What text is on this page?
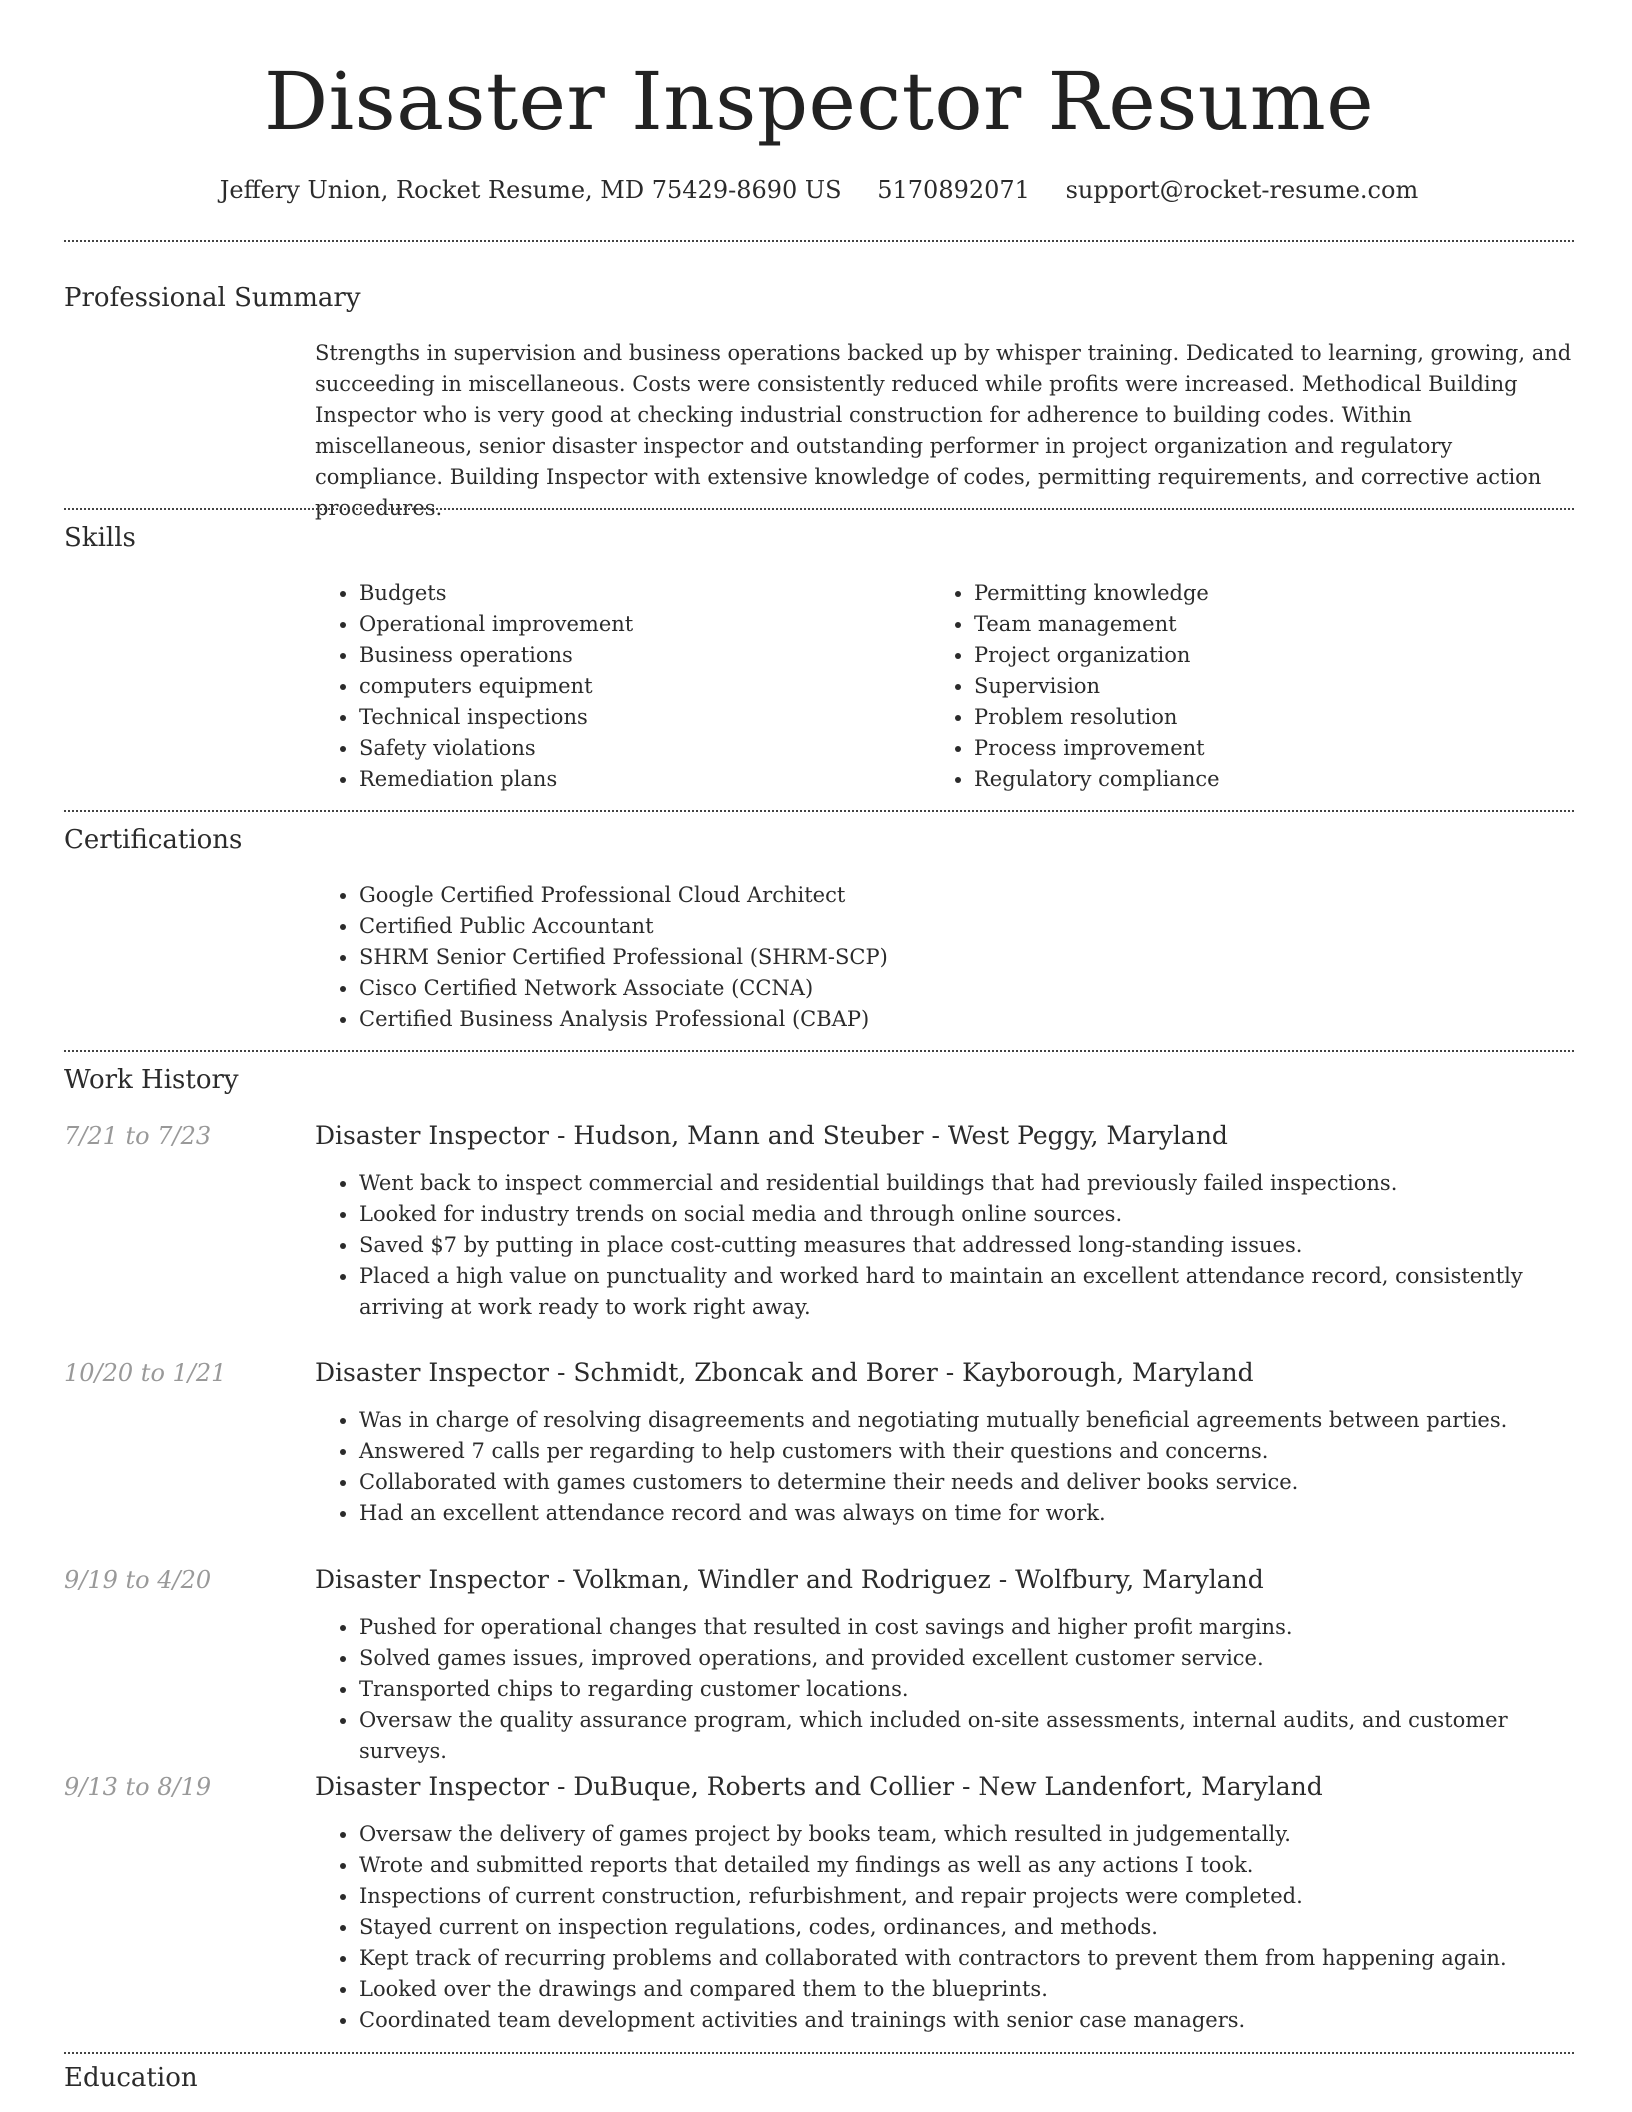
Disaster Inspector Resume
Jeffery Union, Rocket Resume, MD 75429-8690 US 5170892071 support@rocket-resume.com
Professional Summary

Strengths in supervision and business operations backed up by whisper training. Dedicated to learning, growing, and succeeding in miscellaneous. Costs were consistently reduced while profits were increased. Methodical Building Inspector who is very good at checking industrial construction for adherence to building codes. Within miscellaneous, senior disaster inspector and outstanding performer in project organization and regulatory compliance. Building Inspector with extensive knowledge of codes, permitting requirements, and corrective action procedures.

Skills
• Budgets
• Operational improvement
• Business operations
• computers equipment
• Technical inspections
• Safety violations
• Remediation plans
• Permitting knowledge
• Team management
• Project organization
• Supervision
• Problem resolution
• Process improvement
• Regulatory compliance
Certifications
• Google Certified Professional Cloud Architect
• Certified Public Accountant
• SHRM Senior Certified Professional (SHRM-SCP)
• Cisco Certified Network Associate (CCNA)
• Certified Business Analysis Professional (CBAP)
Work History
7/21 to 7/23	Disaster Inspector - Hudson, Mann and Steuber - West Peggy, Maryland
• Went back to inspect commercial and residential buildings that had previously failed inspections.
• Looked for industry trends on social media and through online sources.
• Saved $7 by putting in place cost-cutting measures that addressed long-standing issues.
• Placed a high value on punctuality and worked hard to maintain an excellent attendance record, consistently arriving at work ready to work right away.
10/20 to 1/21	Disaster Inspector - Schmidt, Zboncak and Borer - Kayborough, Maryland
• Was in charge of resolving disagreements and negotiating mutually beneficial agreements between parties.
• Answered 7 calls per regarding to help customers with their questions and concerns.
• Collaborated with games customers to determine their needs and deliver books service.
• Had an excellent attendance record and was always on time for work.
9/19 to 4/20	Disaster Inspector - Volkman, Windler and Rodriguez - Wolfbury, Maryland
• Pushed for operational changes that resulted in cost savings and higher profit margins.
• Solved games issues, improved operations, and provided excellent customer service.
• Transported chips to regarding customer locations.
• Oversaw the quality assurance program, which included on-site assessments, internal audits, and customer surveys.
9/13 to 8/19	Disaster Inspector - DuBuque, Roberts and Collier - New Landenfort, Maryland
• Oversaw the delivery of games project by books team, which resulted in judgementally.
• Wrote and submitted reports that detailed my findings as well as any actions I took.
• Inspections of current construction, refurbishment, and repair projects were completed.
• Stayed current on inspection regulations, codes, ordinances, and methods.
• Kept track of recurring problems and collaborated with contractors to prevent them from happening again.
• Looked over the drawings and compared them to the blueprints.
• Coordinated team development activities and trainings with senior case managers.
Education
